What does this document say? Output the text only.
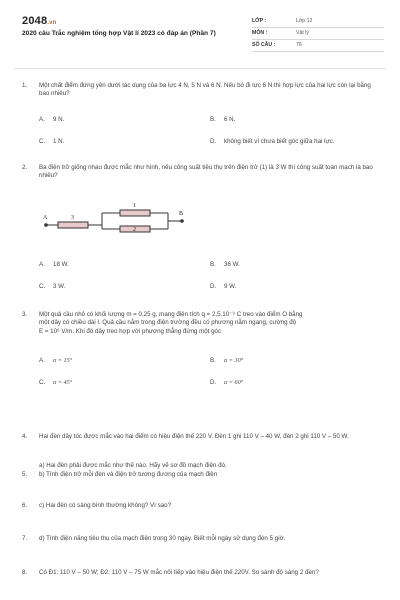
2048.vn
2020 câu Trắc nghiệm tổng hợp Vật lí 2023 có đáp án (Phần 7)
LỚP :	Lớp 12
MÔN :	Vật lý
SỐ CÂU :	76
1. Một chất điểm đứng yên dưới tác dụng của ba lực 4 N, 5 N và 6 N. Nếu bỏ đi lực 6 N thì hợp lực của hai lực còn lại bằng bao nhiêu?
A. 9 N.	B. 6 N.
C. 1 N.	D. không biết vì chưa biết góc giữa hai lực.
2. Ba điện trở giống nhau được mắc như hình, nếu công suất tiêu thụ trên điện trở (1) là 3 W thì công suất toàn mạch là bao nhiêu?
A. 18 W.	B. 36 W.
C. 3 W.	D. 9 W.
A
B
3
1
2
3. Một quả cầu nhỏ có khối lượng m = 0,25 g, mang điện tích q = 2,5.10⁻⁹ C treo vào điểm O bằng
một dây có chiều dài l. Quả cầu nằm trong điện trường đều có phương nằm ngang, cường độ
E = 10⁶ V/m. Khi đó dây treo hợp với phương thẳng đứng một góc
A. α = 15°	B. α = 30°
C. α = 45°	D. α = 60°
4. Hai đèn dây tóc được mắc vào hai điểm có hiệu điện thế 220 V. Đèn 1 ghi 110 V – 40 W, đèn 2 ghi 110 V – 50 W.
a) Hai đèn phải được mắc như thế nào. Hãy vẽ sơ đồ mạch điện đó.
5. b) Tính điện trở mỗi đèn và điện trở tương đương của mạch điện
6. c) Hai đèn có sáng bình thường không? Vì sao?
7. d) Tính điện năng tiêu thụ của mạch điện trong 30 ngày. Biết mỗi ngày sử dụng đèn 5 giờ.
8. Có Đ1: 110 V – 50 W; Đ2: 110 V – 75 W mắc nối tiếp vào hiệu điện thế 220V. So sánh độ sáng 2 đèn?
